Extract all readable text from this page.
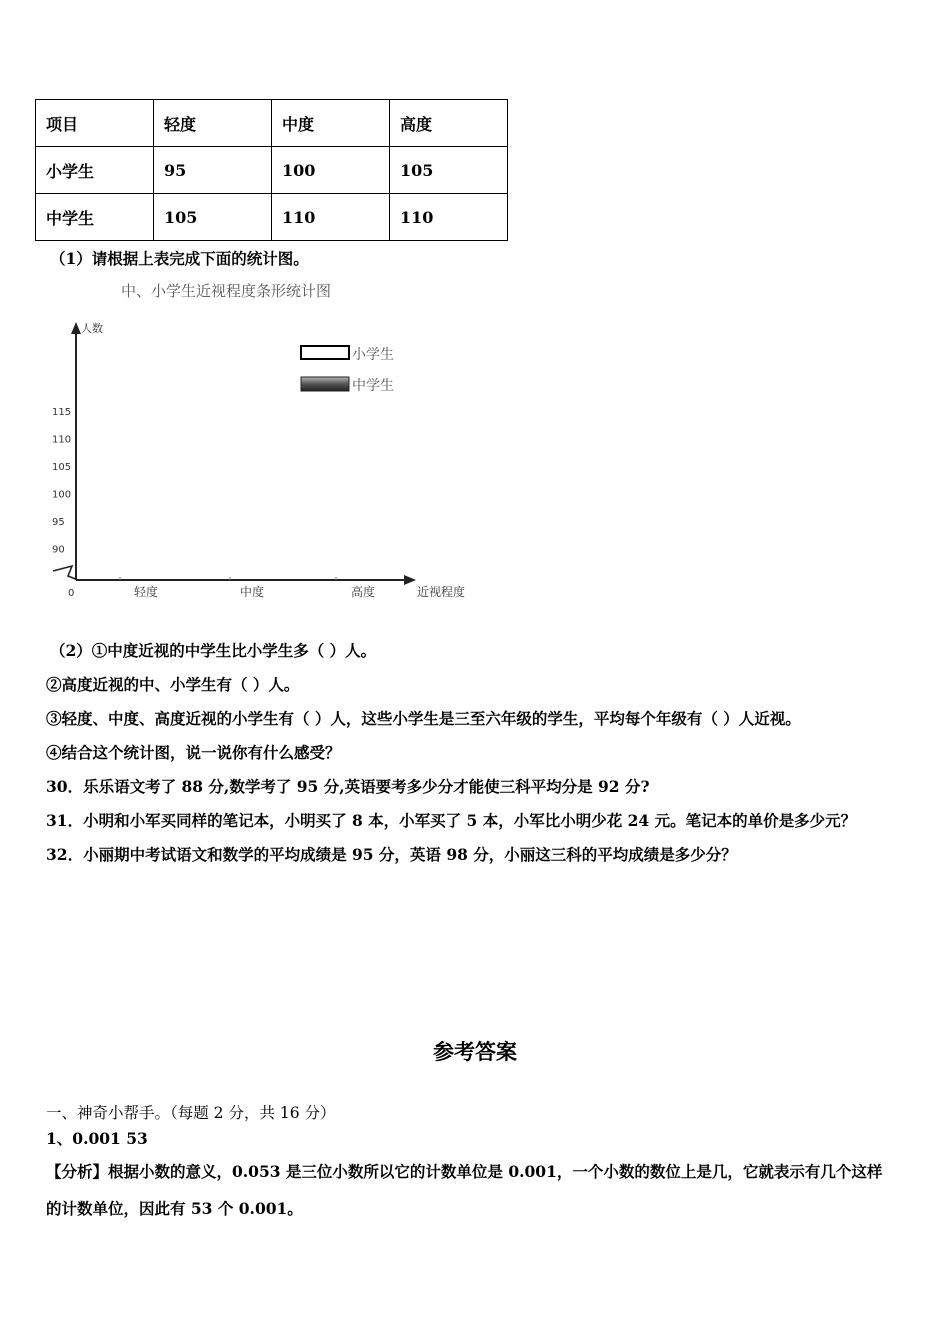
项目	轻度	中度	高度
小学生	95	100	105
中学生	105	110	110
（1）请根据上表完成下面的统计图。
中、小学生近视程度条形统计图
人数
近视程度
0
115
110
105
100
95
90
轻度	中度	高度
小学生
中学生
（2）①中度近视的中学生比小学生多（ ）人。
②高度近视的中、小学生有（ ）人。
③轻度、中度、高度近视的小学生有（ ）人，这些小学生是三至六年级的学生，平均每个年级有（ ）人近视。
④结合这个统计图，说一说你有什么感受？
30．乐乐语文考了 88 分,数学考了 95 分,英语要考多少分才能使三科平均分是 92 分?
31．小明和小军买同样的笔记本，小明买了 8 本，小军买了 5 本，小军比小明少花 24 元。笔记本的单价是多少元？
32．小丽期中考试语文和数学的平均成绩是 95 分，英语 98 分，小丽这三科的平均成绩是多少分？
参考答案
一、神奇小帮手。（每题 2 分，共 16 分）
1、0.001 53
【分析】根据小数的意义，0.053 是三位小数所以它的计数单位是 0.001，一个小数的数位上是几，它就表示有几个这样
的计数单位，因此有 53 个 0.001。
